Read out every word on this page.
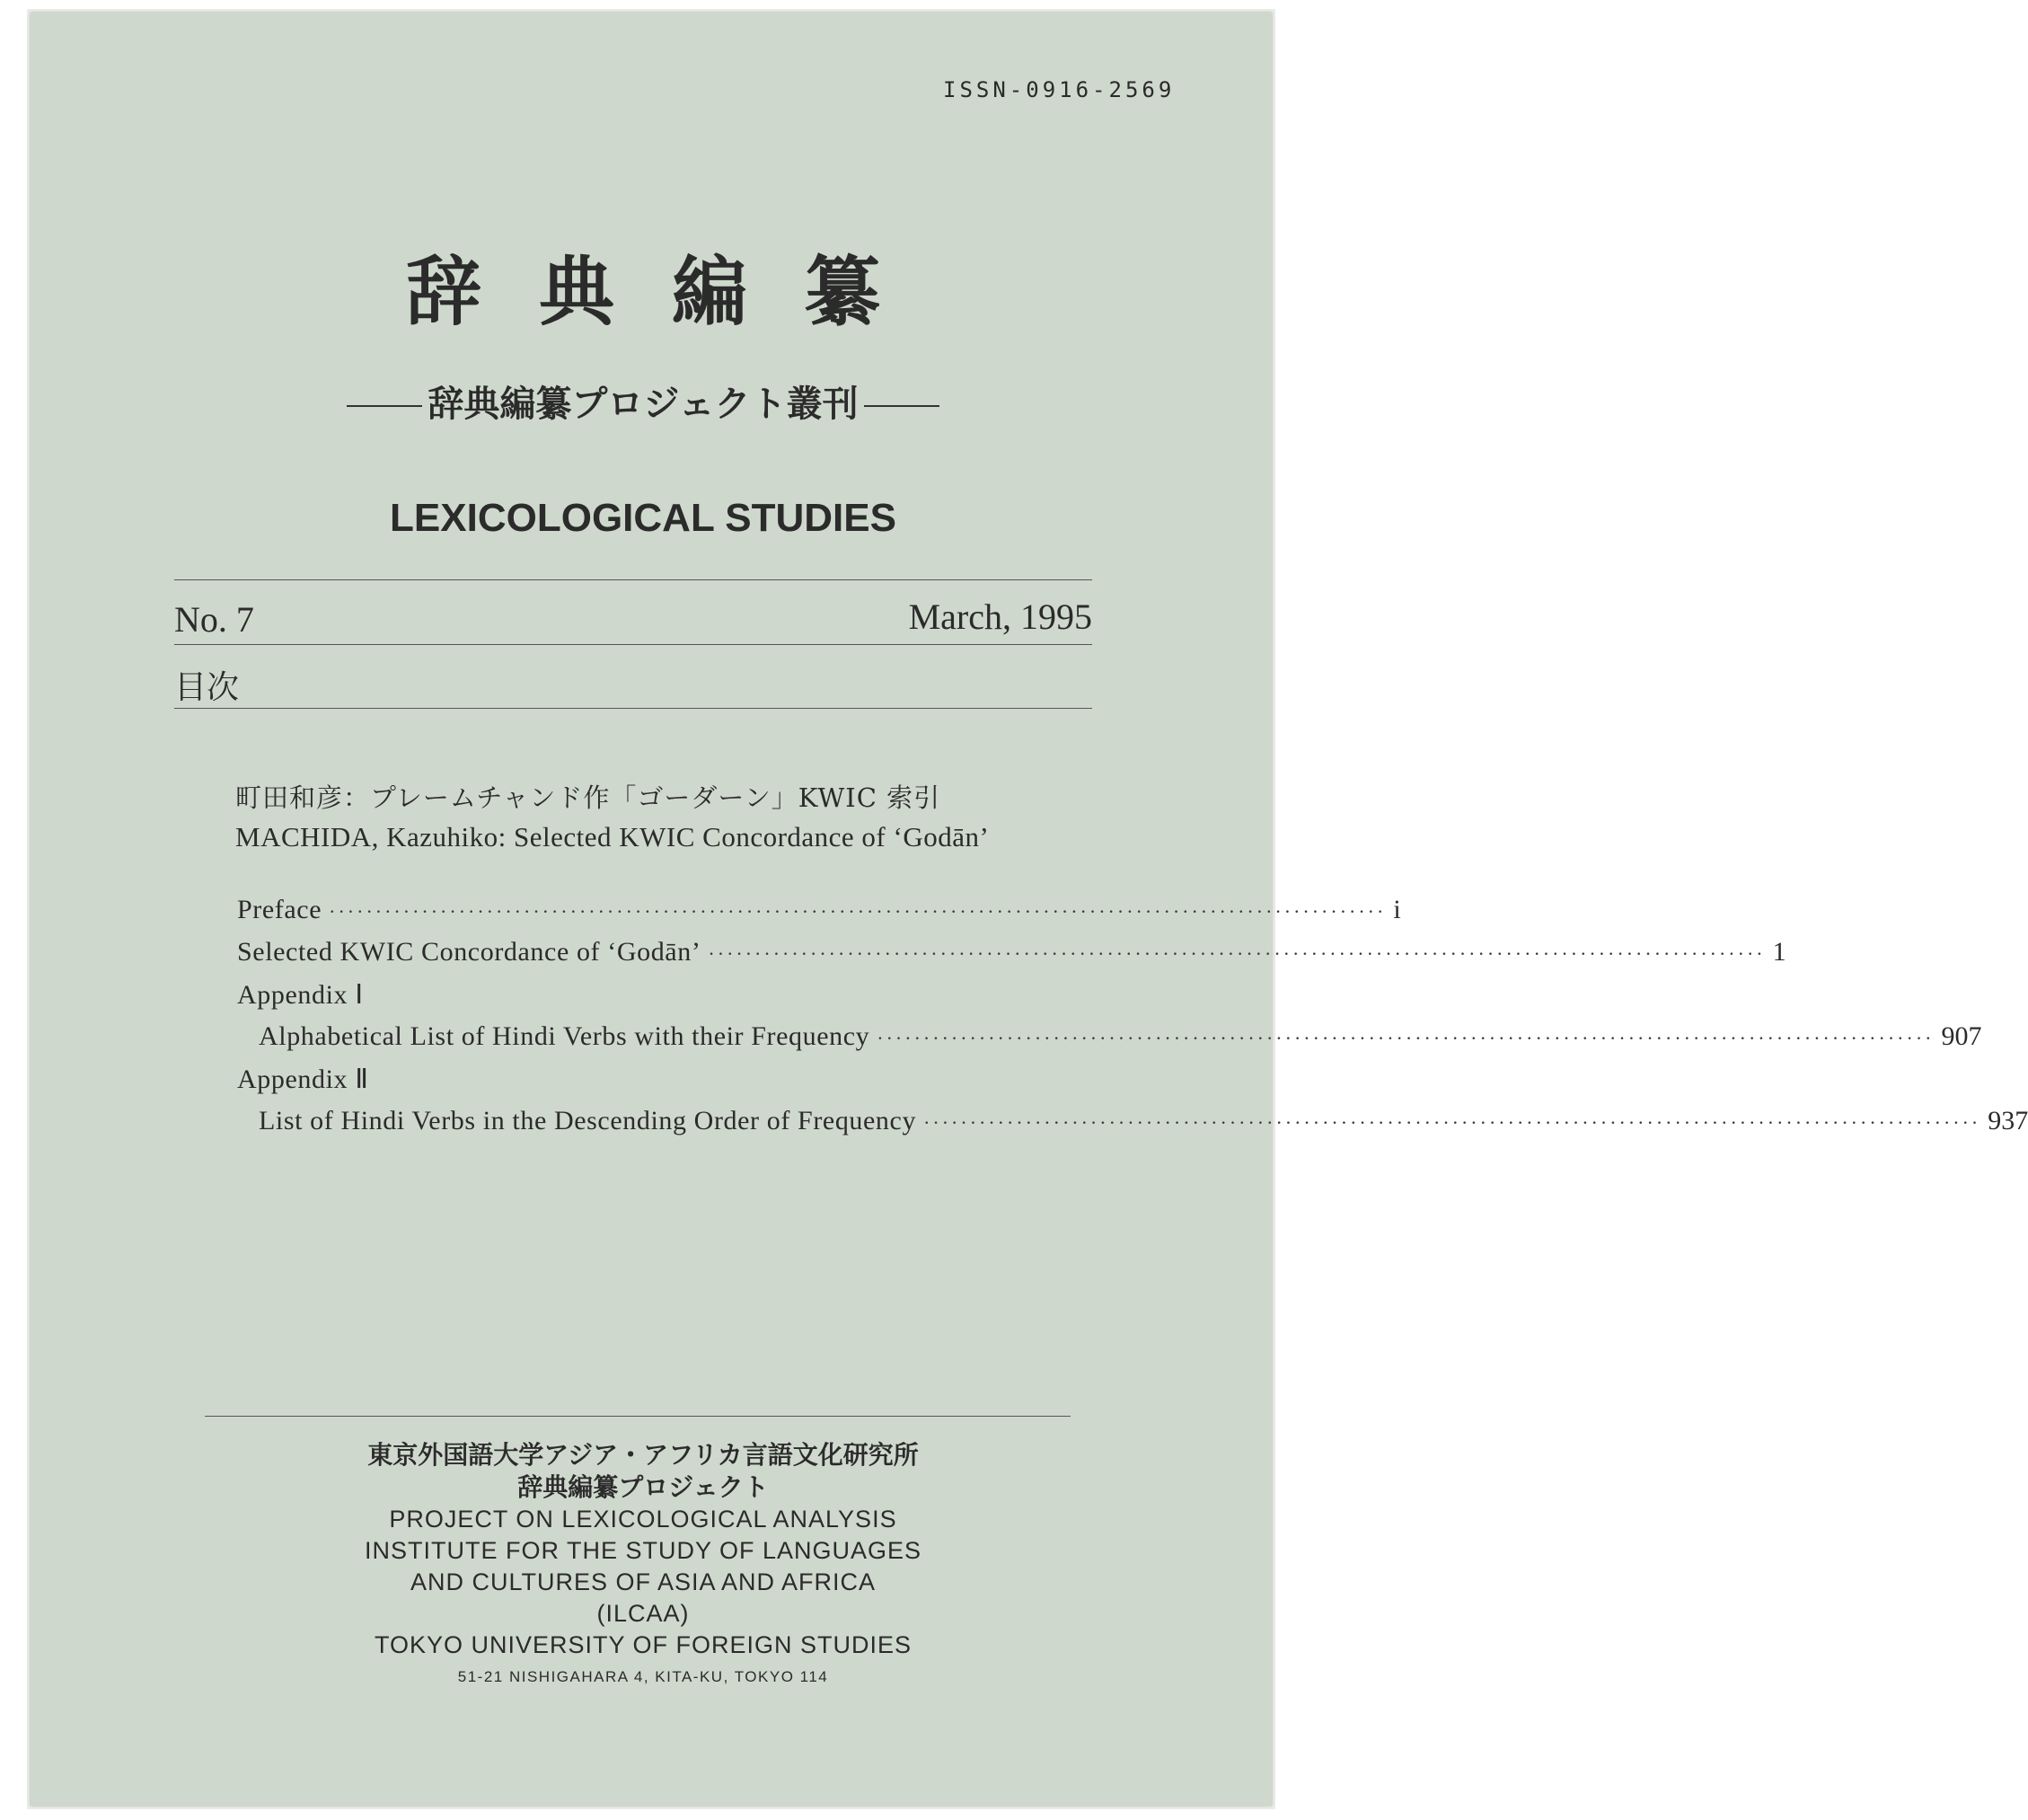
ISSN-0916-2569
辞典編纂
辞典編纂プロジェクト叢刊
LEXICOLOGICAL STUDIES
No. 7	March, 1995
目次
町田和彦：プレームチャンド作「ゴーダーン」KWIC 索引
MACHIDA, Kazuhiko: Selected KWIC Concordance of ‘Godān’
Preface ·················································································································· i
Selected KWIC Concordance of ‘Godān’ ·················································································································· 1
Appendix Ⅰ
Alphabetical List of Hindi Verbs with their Frequency ·················································································································· 907
Appendix Ⅱ
List of Hindi Verbs in the Descending Order of Frequency ·················································································································· 937
東京外国語大学アジア・アフリカ言語文化研究所
辞典編纂プロジェクト
PROJECT ON LEXICOLOGICAL ANALYSIS
INSTITUTE FOR THE STUDY OF LANGUAGES
AND CULTURES OF ASIA AND AFRICA
(ILCAA)
TOKYO UNIVERSITY OF FOREIGN STUDIES
51-21 NISHIGAHARA 4, KITA-KU, TOKYO 114
